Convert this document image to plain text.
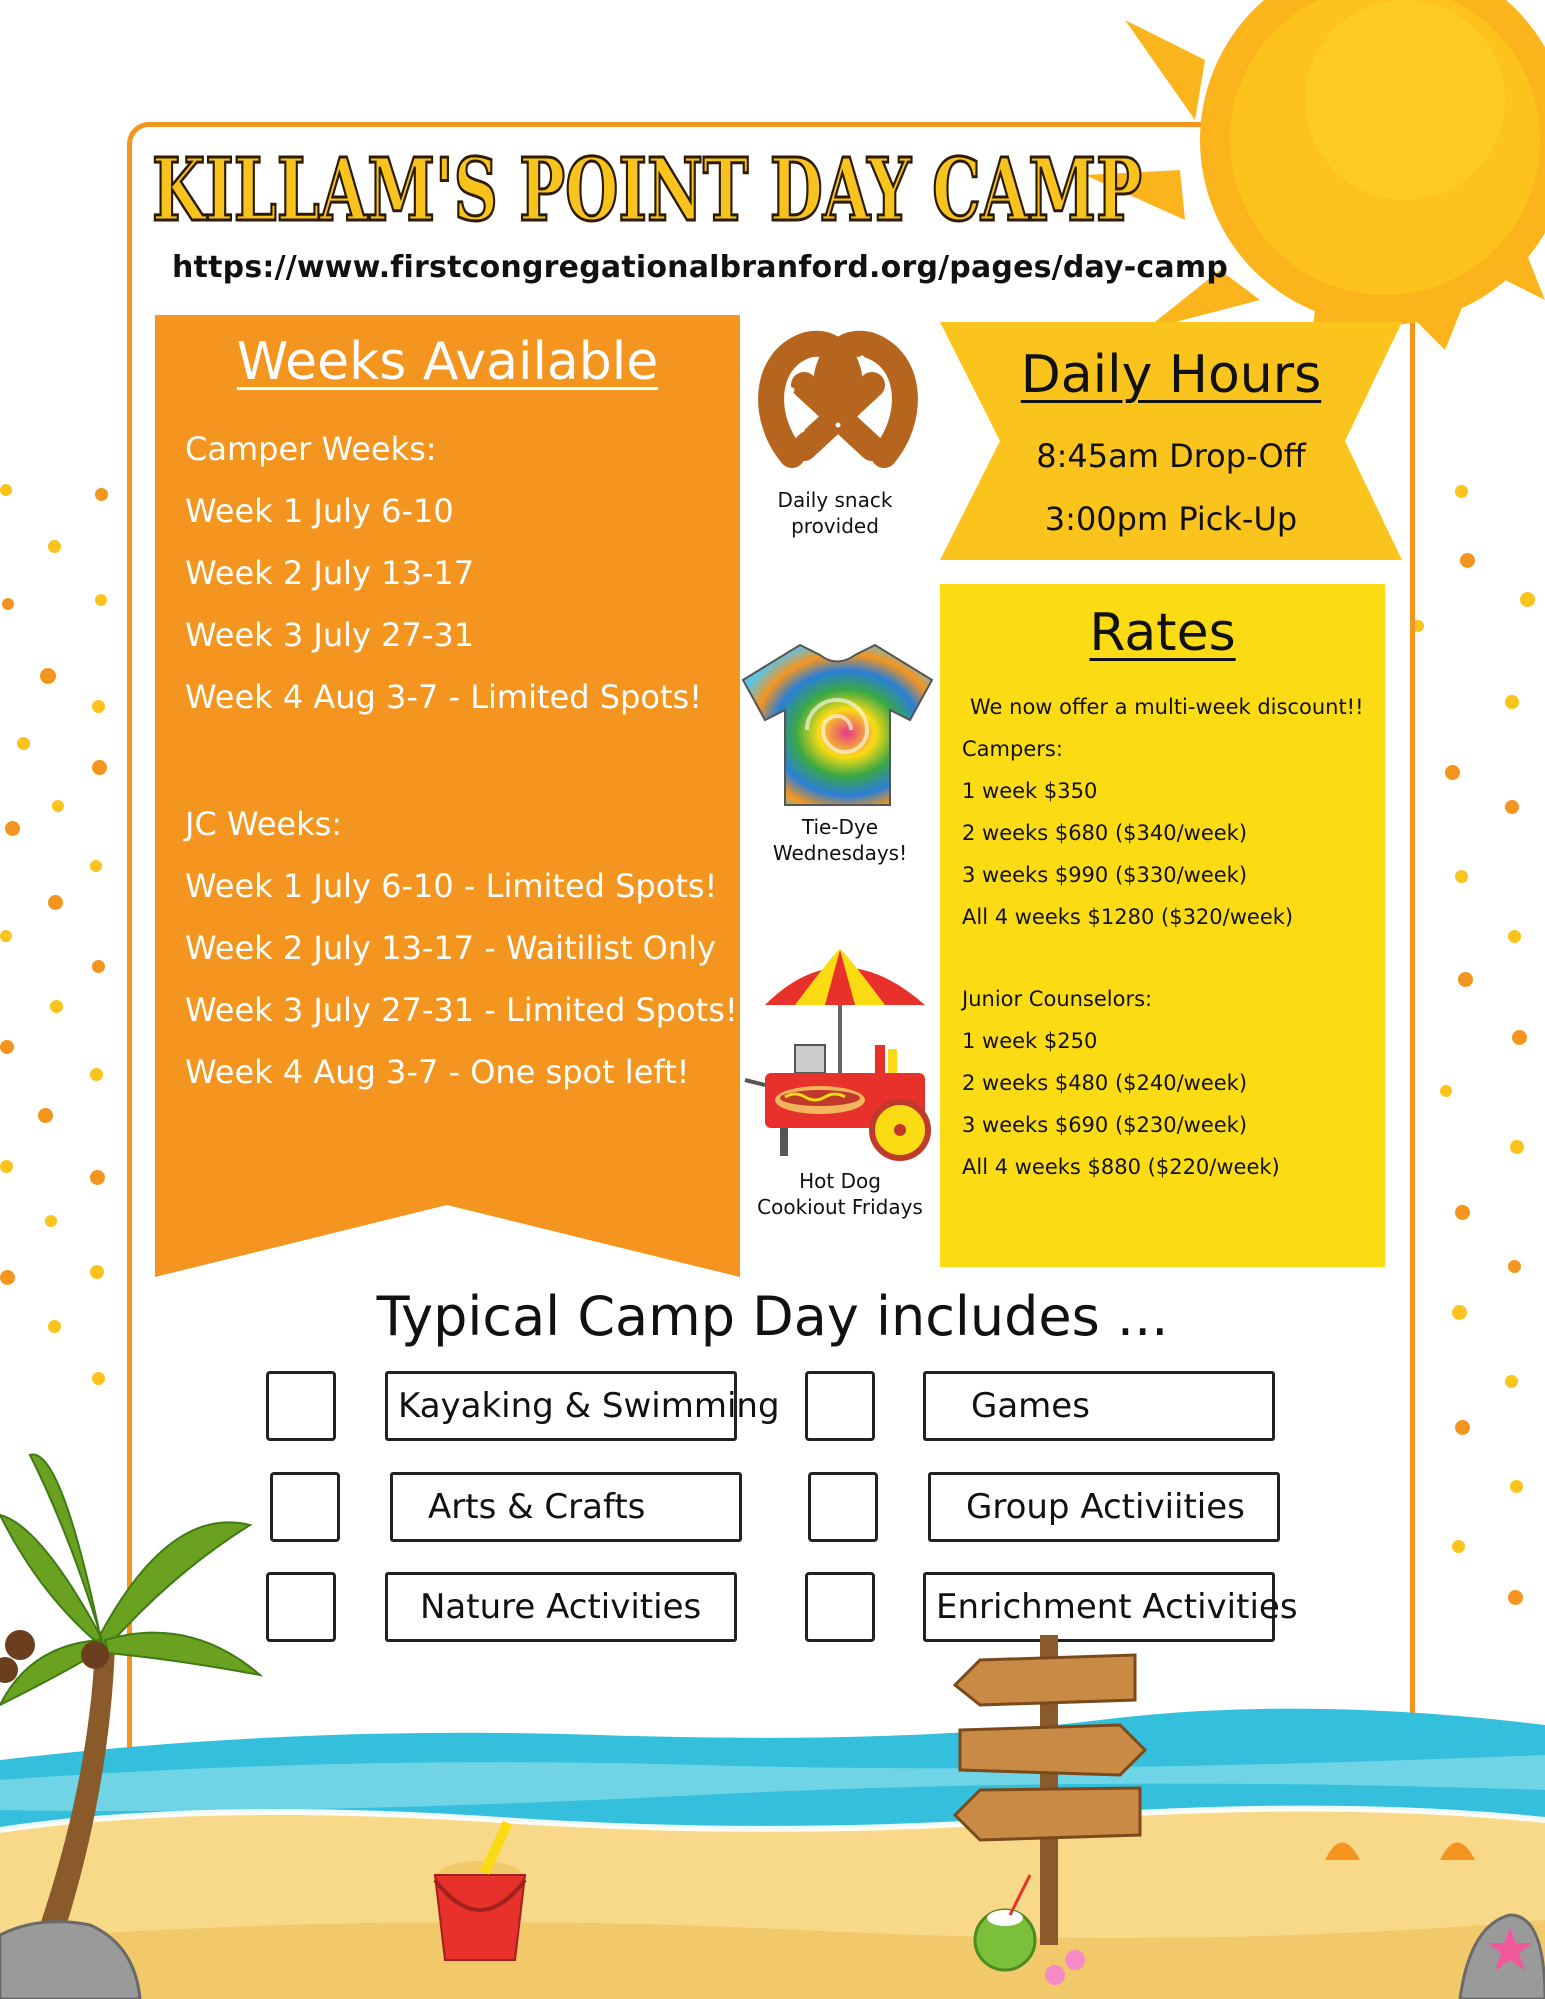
KILLAM'S POINT DAY CAMP
https://www.firstcongregationalbranford.org/pages/day-camp
Weeks Available
Camper Weeks:
Week 1 July 6-10
Week 2 July 13-17
Week 3 July 27-31
Week 4 Aug 3-7 - Limited Spots!
JC Weeks:
Week 1 July 6-10 - Limited Spots!
Week 2 July 13-17 - Waitilist Only
Week 3 July 27-31 - Limited Spots!
Week 4 Aug 3-7 - One spot left!
Daily Hours
8:45am Drop-Off
3:00pm Pick-Up
Rates
We now offer a multi-week discount!!
Campers:
1 week $350
2 weeks $680 ($340/week)
3 weeks $990 ($330/week)
All 4 weeks $1280 ($320/week)
Junior Counselors:
1 week $250
2 weeks $480 ($240/week)
3 weeks $690 ($230/week)
All 4 weeks $880 ($220/week)
Daily snack
provided
Tie-Dye
Wednesdays!
Hot Dog
Cookiout Fridays
Typical Camp Day includes ...
Kayaking & Swimming	Games
Arts & Crafts	Group Activiities
Nature Activities	Enrichment Activities
